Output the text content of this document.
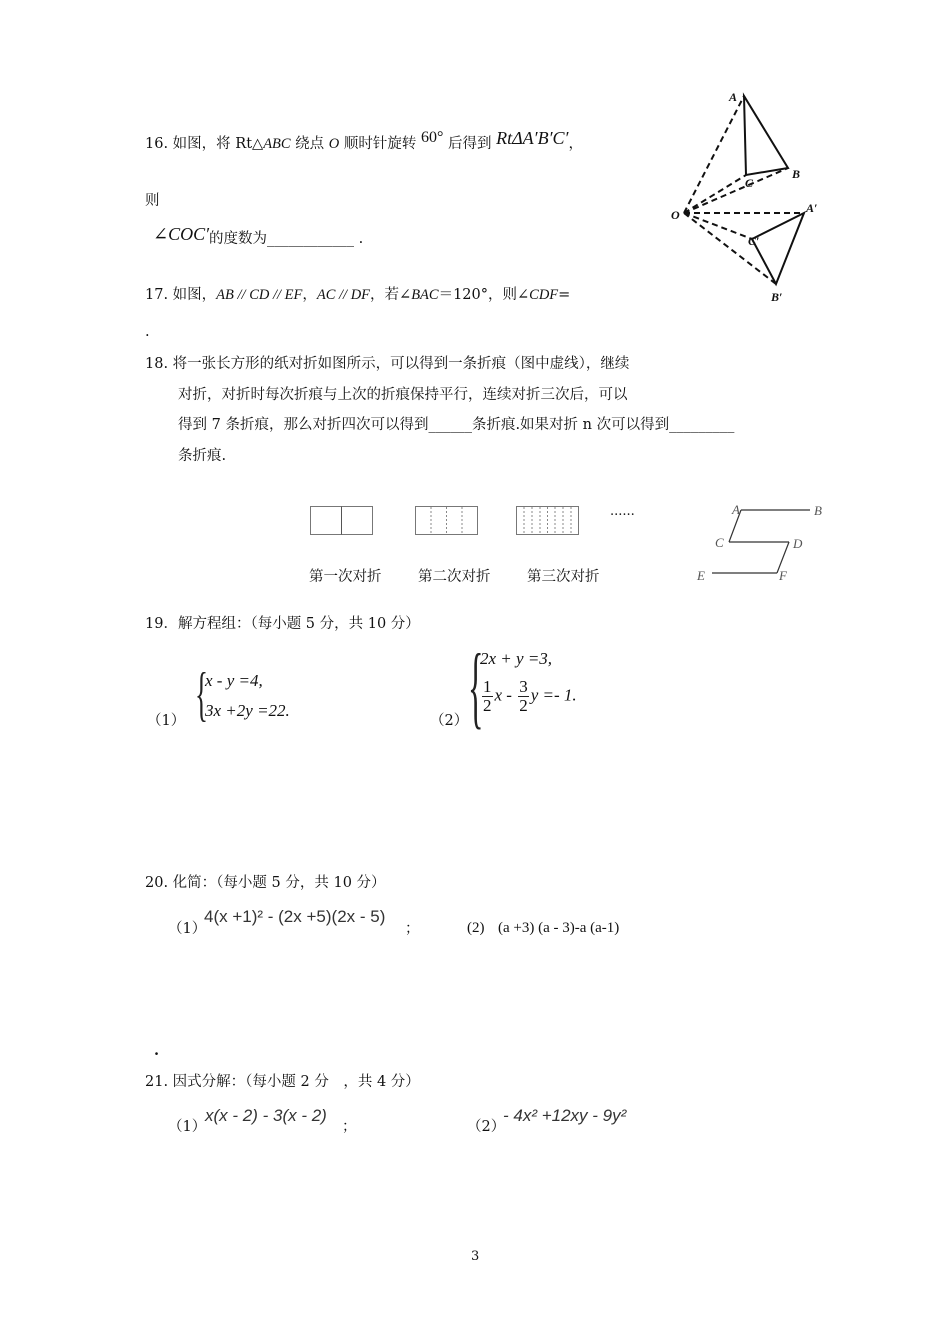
16. 如图，将 Rt△ABC 绕点 O 顺时针旋转 60° 后得到 RtΔA′B′C′，
则
∠COC′的度数为____________ .
A
B
C
O	A′
C′
B′
17. 如图，AB // CD // EF，AC // DF，若∠BAC＝120°，则∠CDF=
.
18. 将一张长方形的纸对折如图所示，可以得到一条折痕（图中虚线），继续
对折，对折时每次折痕与上次的折痕保持平行，连续对折三次后，可以
得到 7 条折痕，那么对折四次可以得到______条折痕.如果对折 n 次可以得到_________
条折痕.
......
第一次对折	第二次对折	第三次对折
A	B
C	D
E	F
19．解方程组：（每小题 5 分，共 10 分）
（1） {
x - y =4,
3x +2y =22.
（2） {
2x + y =3,
$\frac{1}{2}$ x - $\frac{3}{2}$ y =- 1.
20. 化简：（每小题 5 分，共 10 分）
（1）
4(x +1)² - (2x +5)(2x - 5)
；	(2) (a +3) (a - 3)-a (a-1)
.
21. 因式分解：（每小题 2 分　，共 4 分）
（1）
x(x - 2) - 3(x - 2)
；	（2）
- 4x² +12xy - 9y²
3
